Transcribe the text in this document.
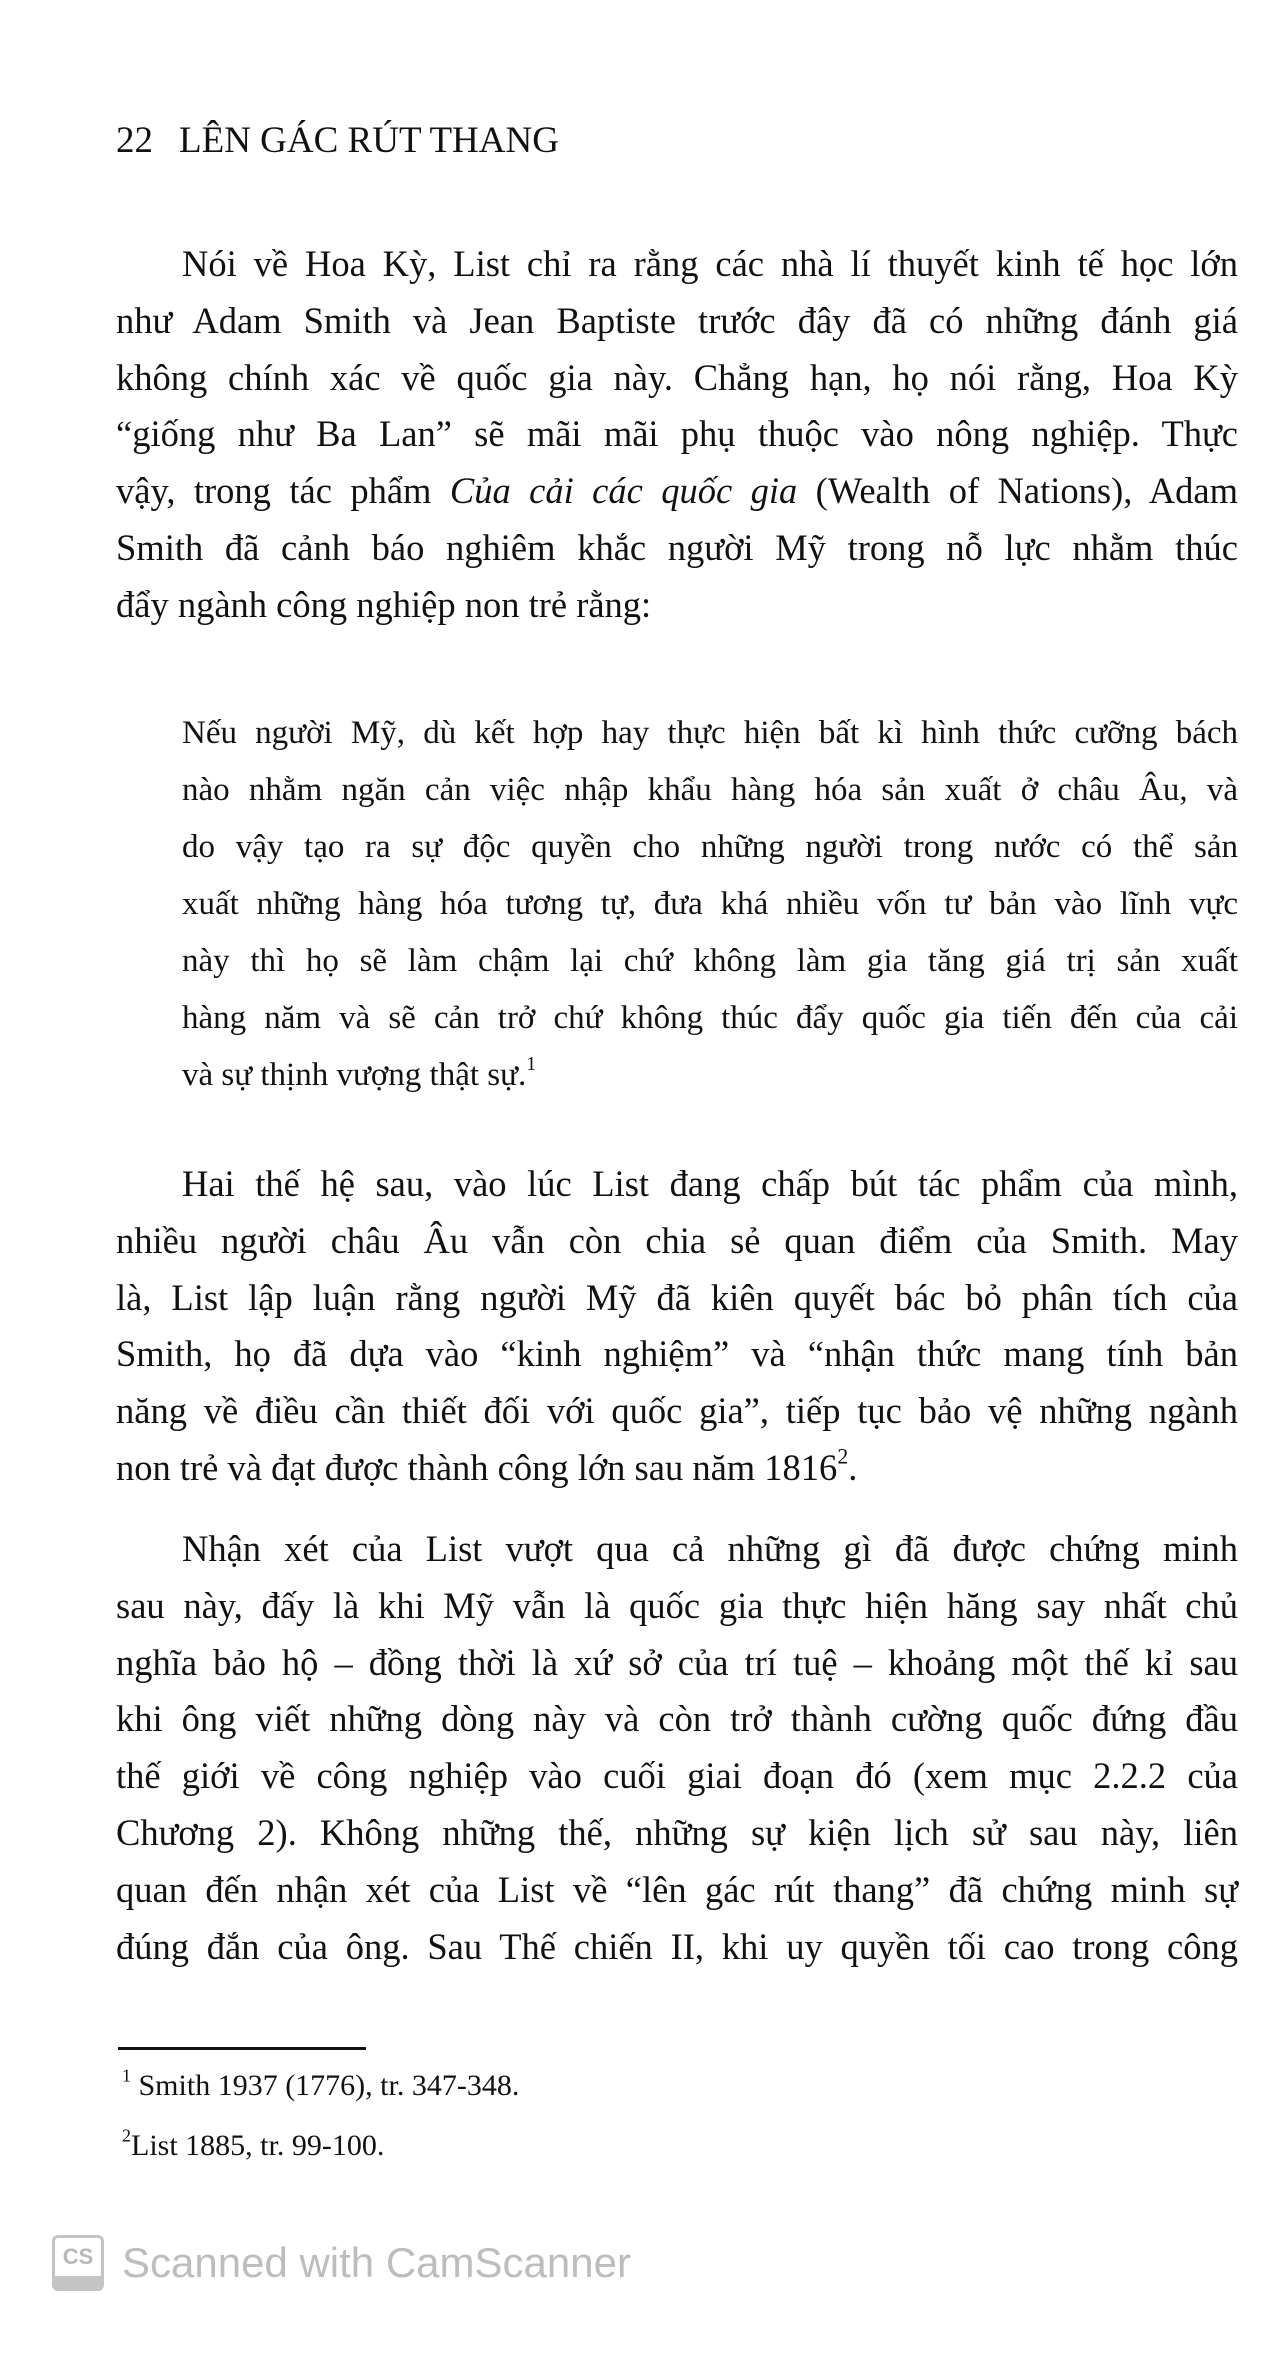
22 LÊN GÁC RÚT THANG
Nói về Hoa Kỳ, List chỉ ra rằng các nhà lí thuyết kinh tế học lớn
như Adam Smith và Jean Baptiste trước đây đã có những đánh giá
không chính xác về quốc gia này. Chẳng hạn, họ nói rằng, Hoa Kỳ
“giống như Ba Lan” sẽ mãi mãi phụ thuộc vào nông nghiệp. Thực
vậy, trong tác phẩm Của cải các quốc gia (Wealth of Nations), Adam
Smith đã cảnh báo nghiêm khắc người Mỹ trong nỗ lực nhằm thúc
đẩy ngành công nghiệp non trẻ rằng:
Nếu người Mỹ, dù kết hợp hay thực hiện bất kì hình thức cưỡng bách
nào nhằm ngăn cản việc nhập khẩu hàng hóa sản xuất ở châu Âu, và
do vậy tạo ra sự độc quyền cho những người trong nước có thể sản
xuất những hàng hóa tương tự, đưa khá nhiều vốn tư bản vào lĩnh vực
này thì họ sẽ làm chậm lại chứ không làm gia tăng giá trị sản xuất
hàng năm và sẽ cản trở chứ không thúc đẩy quốc gia tiến đến của cải
và sự thịnh vượng thật sự.$^1$
Hai thế hệ sau, vào lúc List đang chấp bút tác phẩm của mình,
nhiều người châu Âu vẫn còn chia sẻ quan điểm của Smith. May
là, List lập luận rằng người Mỹ đã kiên quyết bác bỏ phân tích của
Smith, họ đã dựa vào “kinh nghiệm” và “nhận thức mang tính bản
năng về điều cần thiết đối với quốc gia”, tiếp tục bảo vệ những ngành
non trẻ và đạt được thành công lớn sau năm 1816$^2$.
Nhận xét của List vượt qua cả những gì đã được chứng minh
sau này, đấy là khi Mỹ vẫn là quốc gia thực hiện hăng say nhất chủ
nghĩa bảo hộ – đồng thời là xứ sở của trí tuệ – khoảng một thế kỉ sau
khi ông viết những dòng này và còn trở thành cường quốc đứng đầu
thế giới về công nghiệp vào cuối giai đoạn đó (xem mục 2.2.2 của
Chương 2). Không những thế, những sự kiện lịch sử sau này, liên
quan đến nhận xét của List về “lên gác rút thang” đã chứng minh sự
đúng đắn của ông. Sau Thế chiến II, khi uy quyền tối cao trong công
$^1$ Smith 1937 (1776), tr. 347-348.
$^2$List 1885, tr. 99-100.
CS Scanned with CamScanner
